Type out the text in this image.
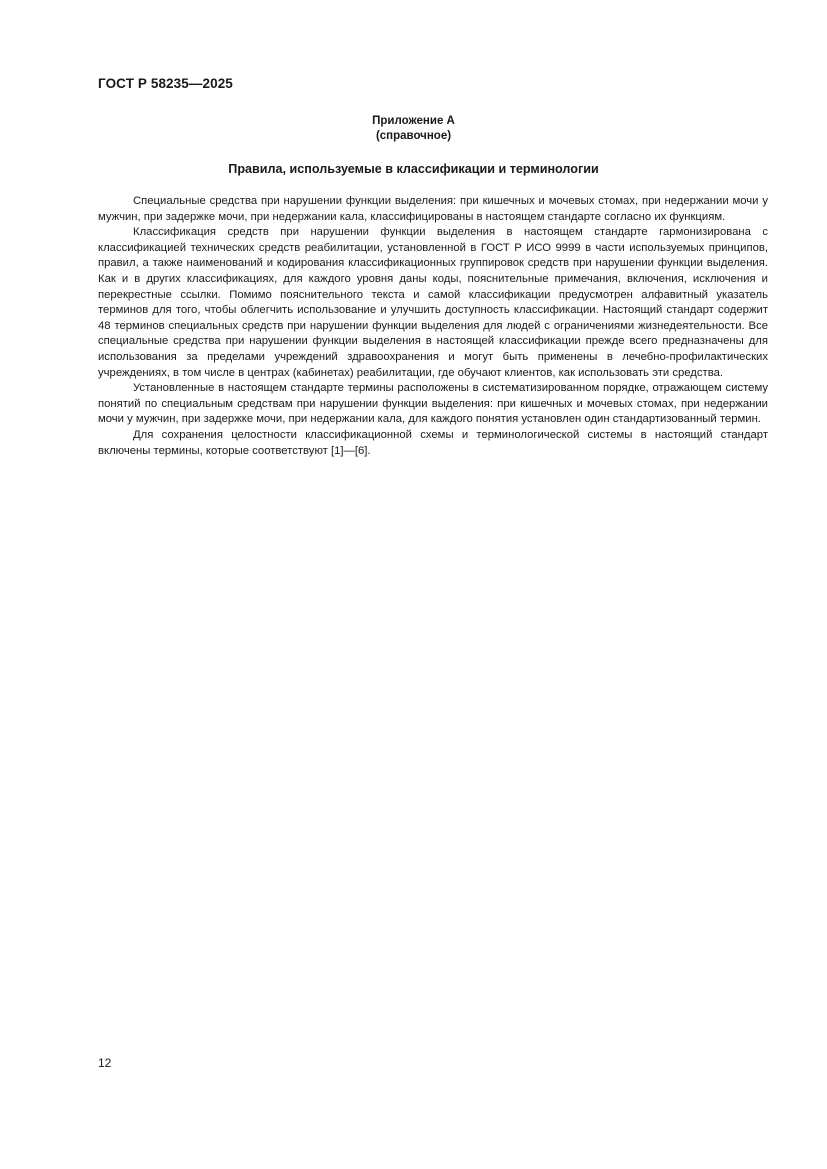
ГОСТ Р 58235—2025
Приложение А
(справочное)
Правила, используемые в классификации и терминологии

Специальные средства при нарушении функции выделения: при кишечных и мочевых стомах, при недержании мочи у мужчин, при задержке мочи, при недержании кала, классифицированы в настоящем стандарте согласно их функциям.

Классификация средств при нарушении функции выделения в настоящем стандарте гармонизирована с классификацией технических средств реабилитации, установленной в ГОСТ Р ИСО 9999 в части используемых принципов, правил, а также наименований и кодирования классификационных группировок средств при нарушении функции выделения. Как и в других классификациях, для каждого уровня даны коды, пояснительные примечания, включения, исключения и перекрестные ссылки. Помимо пояснительного текста и самой классификации предусмотрен алфавитный указатель терминов для того, чтобы облегчить использование и улучшить доступность классификации. Настоящий стандарт содержит 48 терминов специальных средств при нарушении функции выделения для людей с ограничениями жизнедеятельности. Все специальные средства при нарушении функции выделения в настоящей классификации прежде всего предназначены для использования за пределами учреждений здравоохранения и могут быть применены в лечебно-профилактических учреждениях, в том числе в центрах (кабинетах) реабилитации, где обучают клиентов, как использовать эти средства.

Установленные в настоящем стандарте термины расположены в систематизированном порядке, отражающем систему понятий по специальным средствам при нарушении функции выделения: при кишечных и мочевых стомах, при недержании мочи у мужчин, при задержке мочи, при недержании кала, для каждого понятия установлен один стандартизованный термин.

Для сохранения целостности классификационной схемы и терминологической системы в настоящий стандарт включены термины, которые соответствуют [1]—[6].

12
